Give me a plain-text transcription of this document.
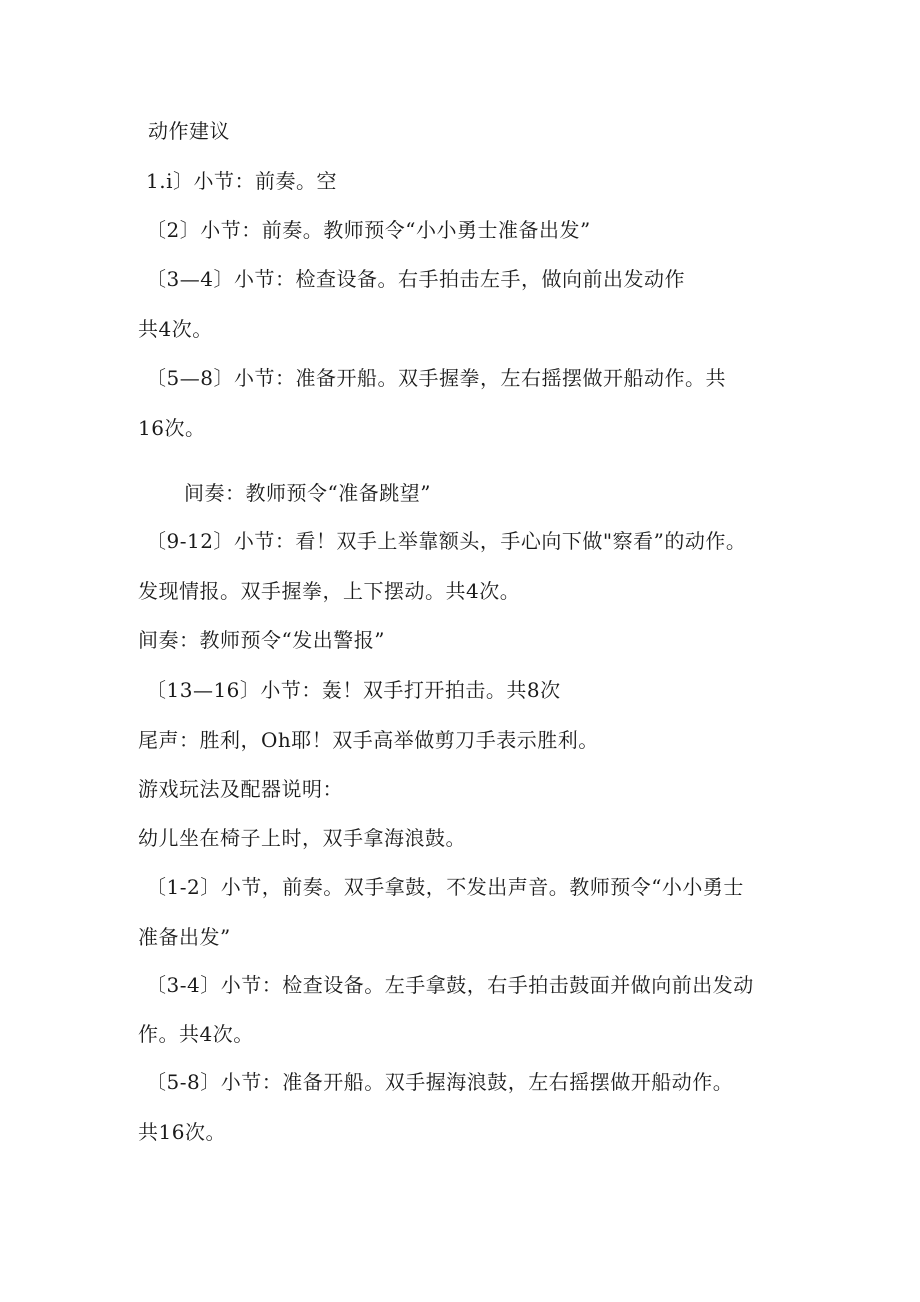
动作建议
1.i〕小节：前奏。空
〔2〕小节：前奏。教师预令“小小勇士准备出发”
〔3—4〕小节：检查设备。右手拍击左手，做向前出发动作
共4次。
〔5—8〕小节：准备开船。双手握拳，左右摇摆做开船动作。共
16次。
间奏：教师预令“准备跳望”
〔9-12〕小节：看！双手上举靠额头，手心向下做"察看”的动作。
发现情报。双手握拳，上下摆动。共4次。
间奏：教师预令“发出警报”
〔13—16〕小节：轰！双手打开拍击。共8次
尾声：胜利，Oh耶！双手高举做剪刀手表示胜利。
游戏玩法及配器说明：
幼儿坐在椅子上时，双手拿海浪鼓。
〔1-2〕小节，前奏。双手拿鼓，不发出声音。教师预令“小小勇士
准备出发”
〔3-4〕小节：检查设备。左手拿鼓，右手拍击鼓面并做向前出发动
作。共4次。
〔5-8〕小节：准备开船。双手握海浪鼓，左右摇摆做开船动作。
共16次。
